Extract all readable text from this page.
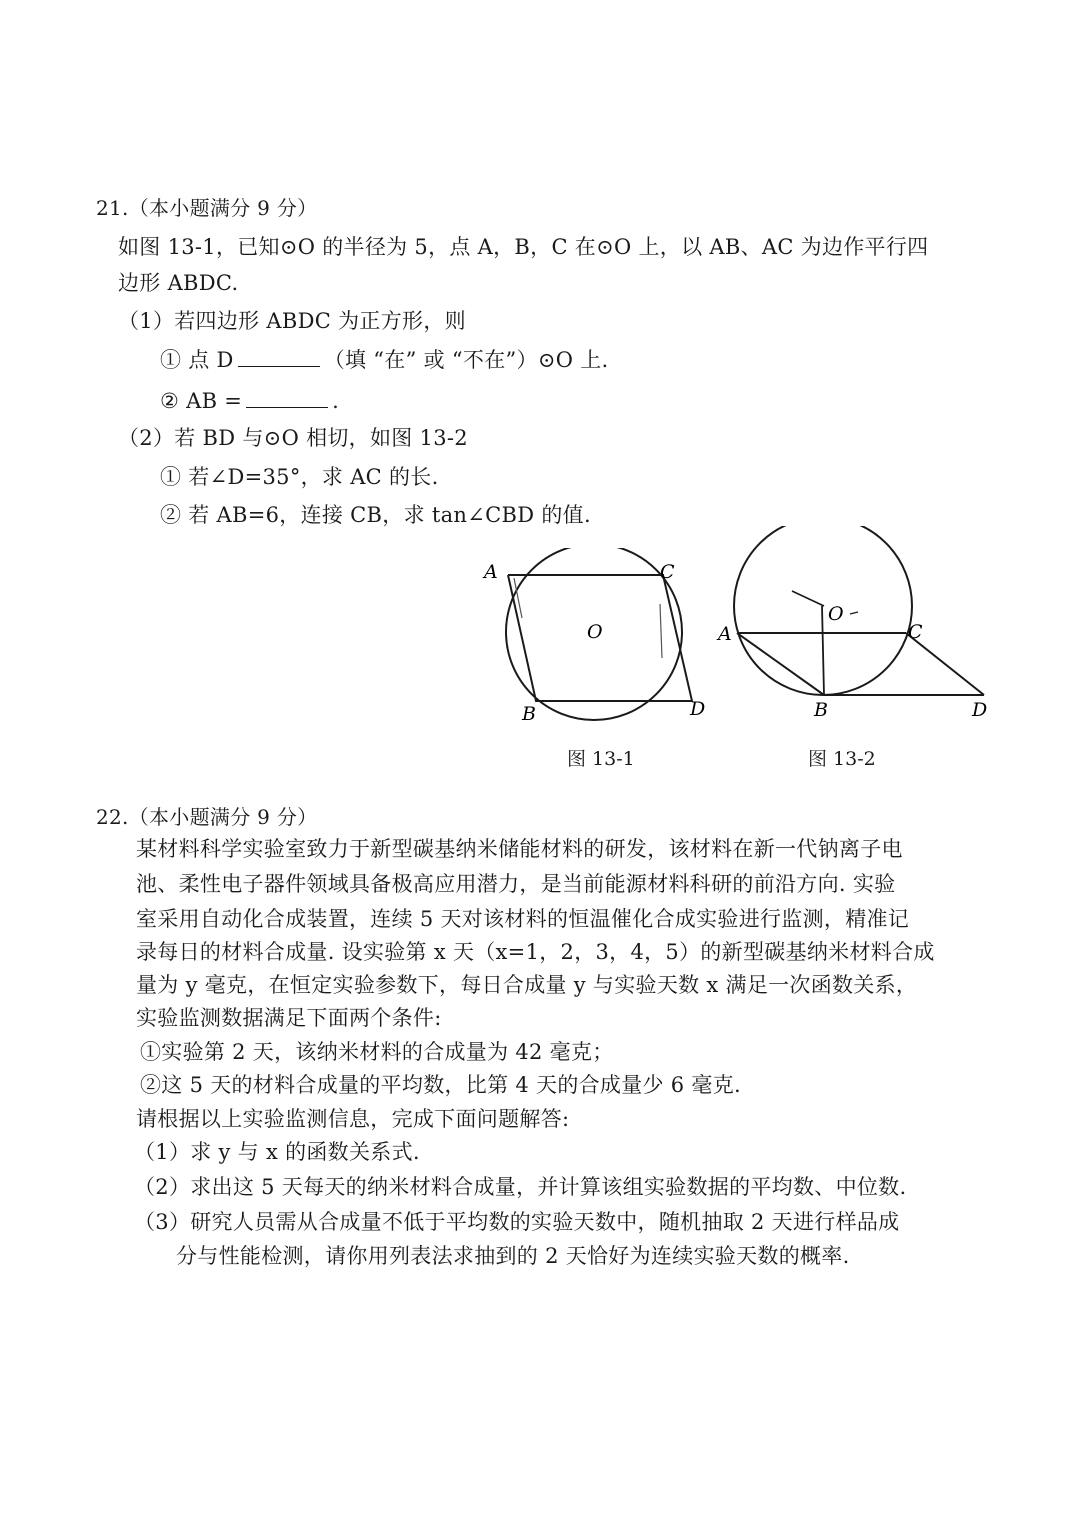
21.（本小题满分 9 分）
如图 13-1，已知⊙O 的半径为 5，点 A，B，C 在⊙O 上，以 AB、AC 为边作平行四
边形 ABDC.
（1）若四边形 ABDC 为正方形，则
① 点 D	（填 “在” 或 “不在”）⊙O 上.
② AB =	.
（2）若 BD 与⊙O 相切，如图 13-2
① 若∠D=35°，求 AC 的长.
② 若 AB=6，连接 CB，求 tan∠CBD 的值.
A	C
O
B	D
图 13-1
O
A	C
B	D
图 13-2
22.（本小题满分 9 分）
某材料科学实验室致力于新型碳基纳米储能材料的研发，该材料在新一代钠离子电
池、柔性电子器件领域具备极高应用潜力，是当前能源材料科研的前沿方向. 实验
室采用自动化合成装置，连续 5 天对该材料的恒温催化合成实验进行监测，精准记
录每日的材料合成量. 设实验第 x 天（x=1，2，3，4，5）的新型碳基纳米材料合成
量为 y 毫克，在恒定实验参数下，每日合成量 y 与实验天数 x 满足一次函数关系，
实验监测数据满足下面两个条件:
①实验第 2 天，该纳米材料的合成量为 42 毫克；
②这 5 天的材料合成量的平均数，比第 4 天的合成量少 6 毫克.
请根据以上实验监测信息，完成下面问题解答:
（1）求 y 与 x 的函数关系式.
（2）求出这 5 天每天的纳米材料合成量，并计算该组实验数据的平均数、中位数.
（3）研究人员需从合成量不低于平均数的实验天数中，随机抽取 2 天进行样品成
分与性能检测，请你用列表法求抽到的 2 天恰好为连续实验天数的概率.
